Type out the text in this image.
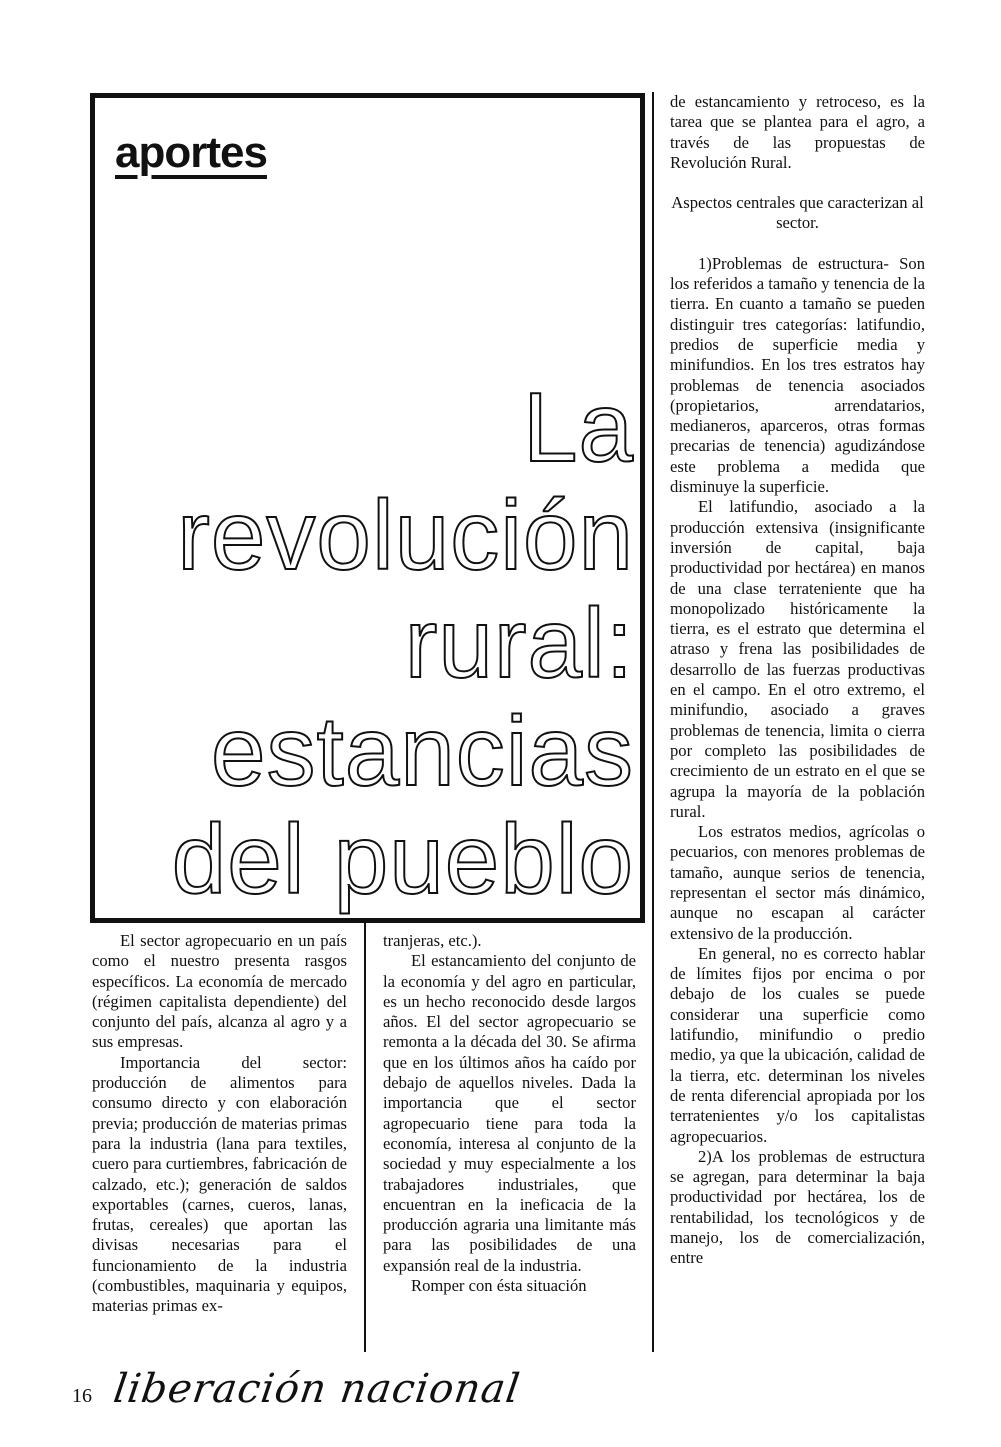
aportes
La
revolución
rural:
estancias
del pueblo

El sector agropecuario en un país como el nuestro presenta rasgos específicos. La economía de mercado (régimen capitalista dependiente) del conjunto del país, alcanza al agro y a sus empresas.

Importancia del sector: producción de alimentos para consumo directo y con elaboración previa; producción de materias primas para la industria (lana para textiles, cuero para curtiembres, fabricación de calzado, etc.); generación de saldos exportables (carnes, cueros, lanas, frutas, cereales) que aportan las divisas necesarias para el funcionamiento de la industria (combustibles, maquinaria y equipos, materias primas ex-

tranjeras, etc.).

El estancamiento del conjunto de la economía y del agro en particular, es un hecho reconocido desde largos años. El del sector agropecuario se remonta a la década del 30. Se afirma que en los últimos años ha caído por debajo de aquellos niveles. Dada la importancia que el sector agropecuario tiene para toda la economía, interesa al conjunto de la sociedad y muy especialmente a los trabajadores industriales, que encuentran en la ineficacia de la producción agraria una limitante más para las posibilidades de una expansión real de la industria.

Romper con ésta situación

de estancamiento y retroceso, es la tarea que se plantea para el agro, a través de las propuestas de Revolución Rural.

Aspectos centrales que caracterizan al sector.

1)Problemas de estructura- Son los referidos a tamaño y tenencia de la tierra. En cuanto a tamaño se pueden distinguir tres categorías: latifundio, predios de superficie media y minifundios. En los tres estratos hay problemas de tenencia asociados (propietarios, arrendatarios, medianeros, aparceros, otras formas precarias de tenencia) agudizándose este problema a medida que disminuye la superficie.

El latifundio, asociado a la producción extensiva (insignificante inversión de capital, baja productividad por hectárea) en manos de una clase terrateniente que ha monopolizado históricamente la tierra, es el estrato que determina el atraso y frena las posibilidades de desarrollo de las fuerzas productivas en el campo. En el otro extremo, el minifundio, asociado a graves problemas de tenencia, limita o cierra por completo las posibilidades de crecimiento de un estrato en el que se agrupa la mayoría de la población rural.

Los estratos medios, agrícolas o pecuarios, con menores problemas de tamaño, aunque serios de tenencia, representan el sector más dinámico, aunque no escapan al carácter extensivo de la producción.

En general, no es correcto hablar de límites fijos por encima o por debajo de los cuales se puede considerar una superficie como latifundio, minifundio o predio medio, ya que la ubicación, calidad de la tierra, etc. determinan los niveles de renta diferencial apropiada por los terratenientes y/o los capitalistas agropecuarios.

2)A los problemas de estructura se agregan, para determinar la baja productividad por hectárea, los de rentabilidad, los tecnológicos y de manejo, los de comercialización, entre

16 liberación nacional
